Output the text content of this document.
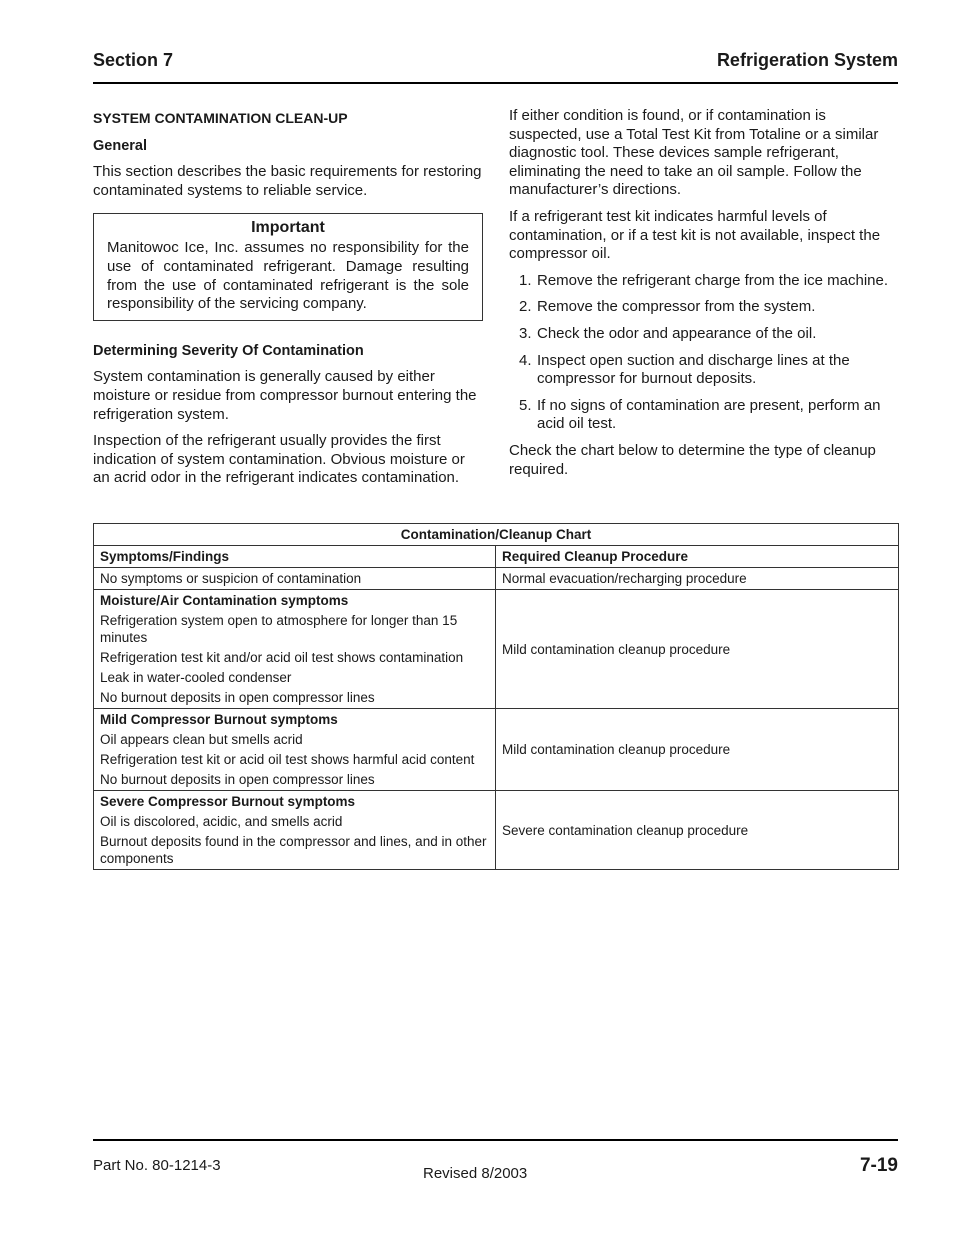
Section 7	Refrigeration System
SYSTEM CONTAMINATION CLEAN-UP
General
This section describes the basic requirements for restoring contaminated systems to reliable service.
Important
Manitowoc Ice, Inc. assumes no responsibility for the use of contaminated refrigerant. Damage resulting from the use of contaminated refrigerant is the sole responsibility of the servicing company.
Determining Severity Of Contamination
System contamination is generally caused by either moisture or residue from compressor burnout entering the refrigeration system.
Inspection of the refrigerant usually provides the first indication of system contamination. Obvious moisture or an acrid odor in the refrigerant indicates contamination.
If either condition is found, or if contamination is suspected, use a Total Test Kit from Totaline or a similar diagnostic tool. These devices sample refrigerant, eliminating the need to take an oil sample. Follow the manufacturer’s directions.
If a refrigerant test kit indicates harmful levels of contamination, or if a test kit is not available, inspect the compressor oil.
1. Remove the refrigerant charge from the ice machine.
2. Remove the compressor from the system.
3. Check the odor and appearance of the oil.
4. Inspect open suction and discharge lines at the compressor for burnout deposits.
5. If no signs of contamination are present, perform an acid oil test.
Check the chart below to determine the type of cleanup required.
Contamination/Cleanup Chart	
Symptoms/Findings	Required Cleanup Procedure
No symptoms or suspicion of contamination	Normal evacuation/recharging procedure

Moisture/Air Contamination symptoms
Refrigeration system open to atmosphere for longer than 15 minutes
Refrigeration test kit and/or acid oil test shows contamination
Leak in water-cooled condenser
No burnout deposits in open compressor lines	Mild contamination cleanup procedure

Mild Compressor Burnout symptoms
Oil appears clean but smells acrid
Refrigeration test kit or acid oil test shows harmful acid content
No burnout deposits in open compressor lines	Mild contamination cleanup procedure

Severe Compressor Burnout symptoms
Oil is discolored, acidic, and smells acrid
Burnout deposits found in the compressor and lines, and in other components	Severe contamination cleanup procedure
Part No. 80-1214-3	Revised 8/2003	7-19
